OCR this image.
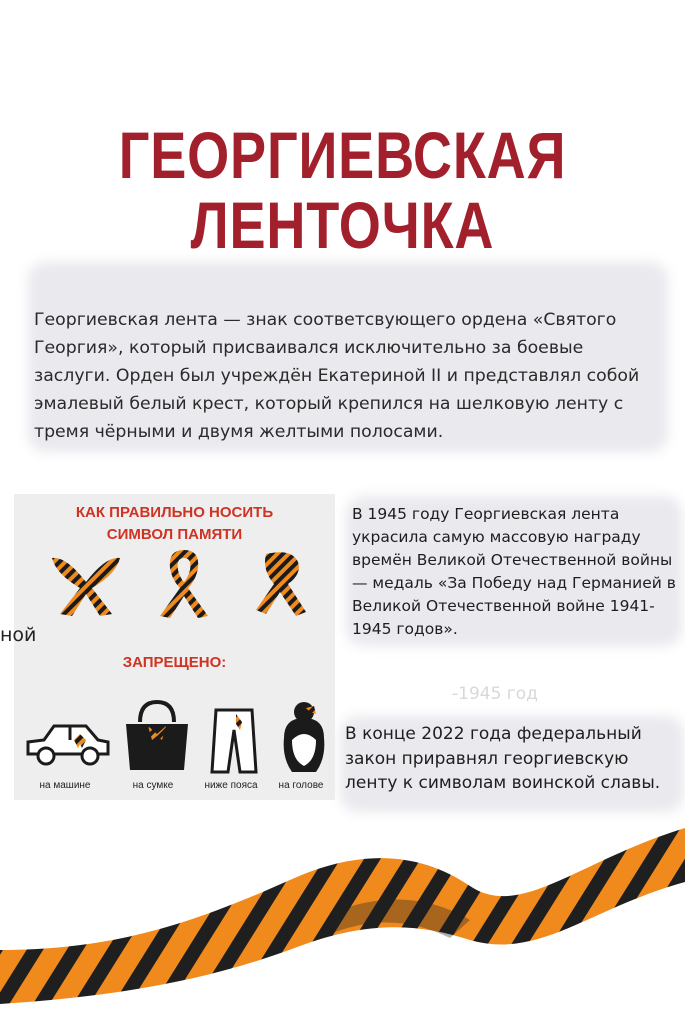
ГЕОРГИЕВСКАЯ
ЛЕНТОЧКА

Георгиевская лента — знак соответсвующего ордена «Святого Георгия», который присваивался исключительно за боевые заслуги. Орден был учреждён Екатериной II и представлял собой эмалевый белый крест, который крепился на шелковую ленту с тремя чёрными и двумя желтыми полосами.

КАК ПРАВИЛЬНО НОСИТЬ
СИМВОЛ ПАМЯТИ
ЗАПРЕЩЕНО:
на машине	на сумке	ниже пояса	на голове
ной

В 1945 году Георгиевская лента украсила самую массовую награду времён Великой Отечественной войны — медаль «За Победу над Германией в Великой Отечественной войне 1941-1945 годов».

-1945 год

В конце 2022 года федеральный закон приравнял георгиевскую ленту к символам воинской славы.
